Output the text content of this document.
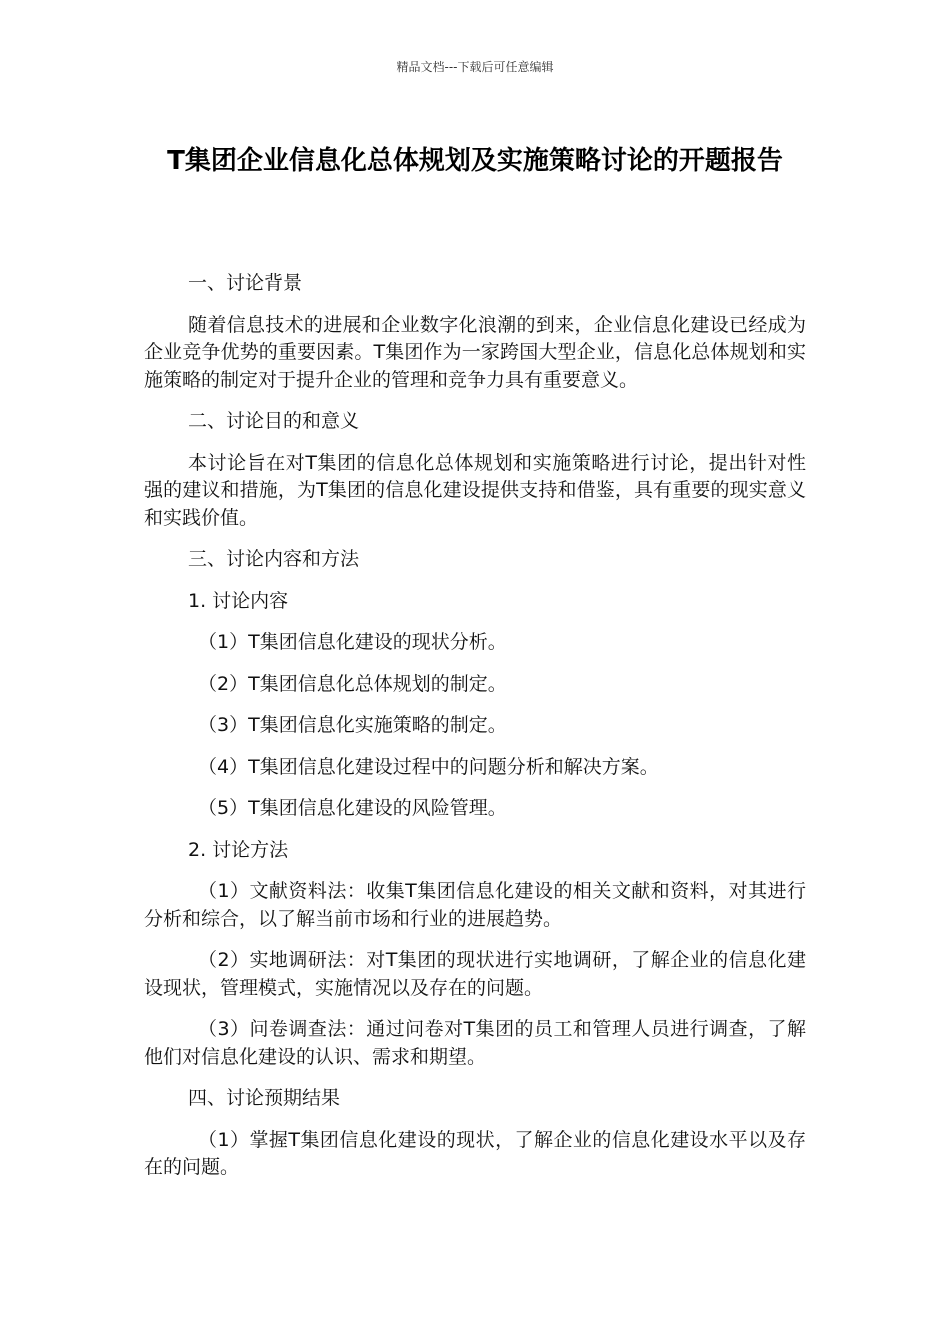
精品文档---下载后可任意编辑
T集团企业信息化总体规划及实施策略讨论的开题报告

一、讨论背景

随着信息技术的进展和企业数字化浪潮的到来，企业信息化建设已经成为企业竞争优势的重要因素。T集团作为一家跨国大型企业，信息化总体规划和实施策略的制定对于提升企业的管理和竞争力具有重要意义。

二、讨论目的和意义

本讨论旨在对T集团的信息化总体规划和实施策略进行讨论，提出针对性强的建议和措施，为T集团的信息化建设提供支持和借鉴，具有重要的现实意义和实践价值。

三、讨论内容和方法

1. 讨论内容

（1）T集团信息化建设的现状分析。

（2）T集团信息化总体规划的制定。

（3）T集团信息化实施策略的制定。

（4）T集团信息化建设过程中的问题分析和解决方案。

（5）T集团信息化建设的风险管理。

2. 讨论方法

（1）文献资料法：收集T集团信息化建设的相关文献和资料，对其进行分析和综合，以了解当前市场和行业的进展趋势。

（2）实地调研法：对T集团的现状进行实地调研，了解企业的信息化建设现状，管理模式，实施情况以及存在的问题。

（3）问卷调查法：通过问卷对T集团的员工和管理人员进行调查，了解他们对信息化建设的认识、需求和期望。

四、讨论预期结果

（1）掌握T集团信息化建设的现状，了解企业的信息化建设水平以及存在的问题。
